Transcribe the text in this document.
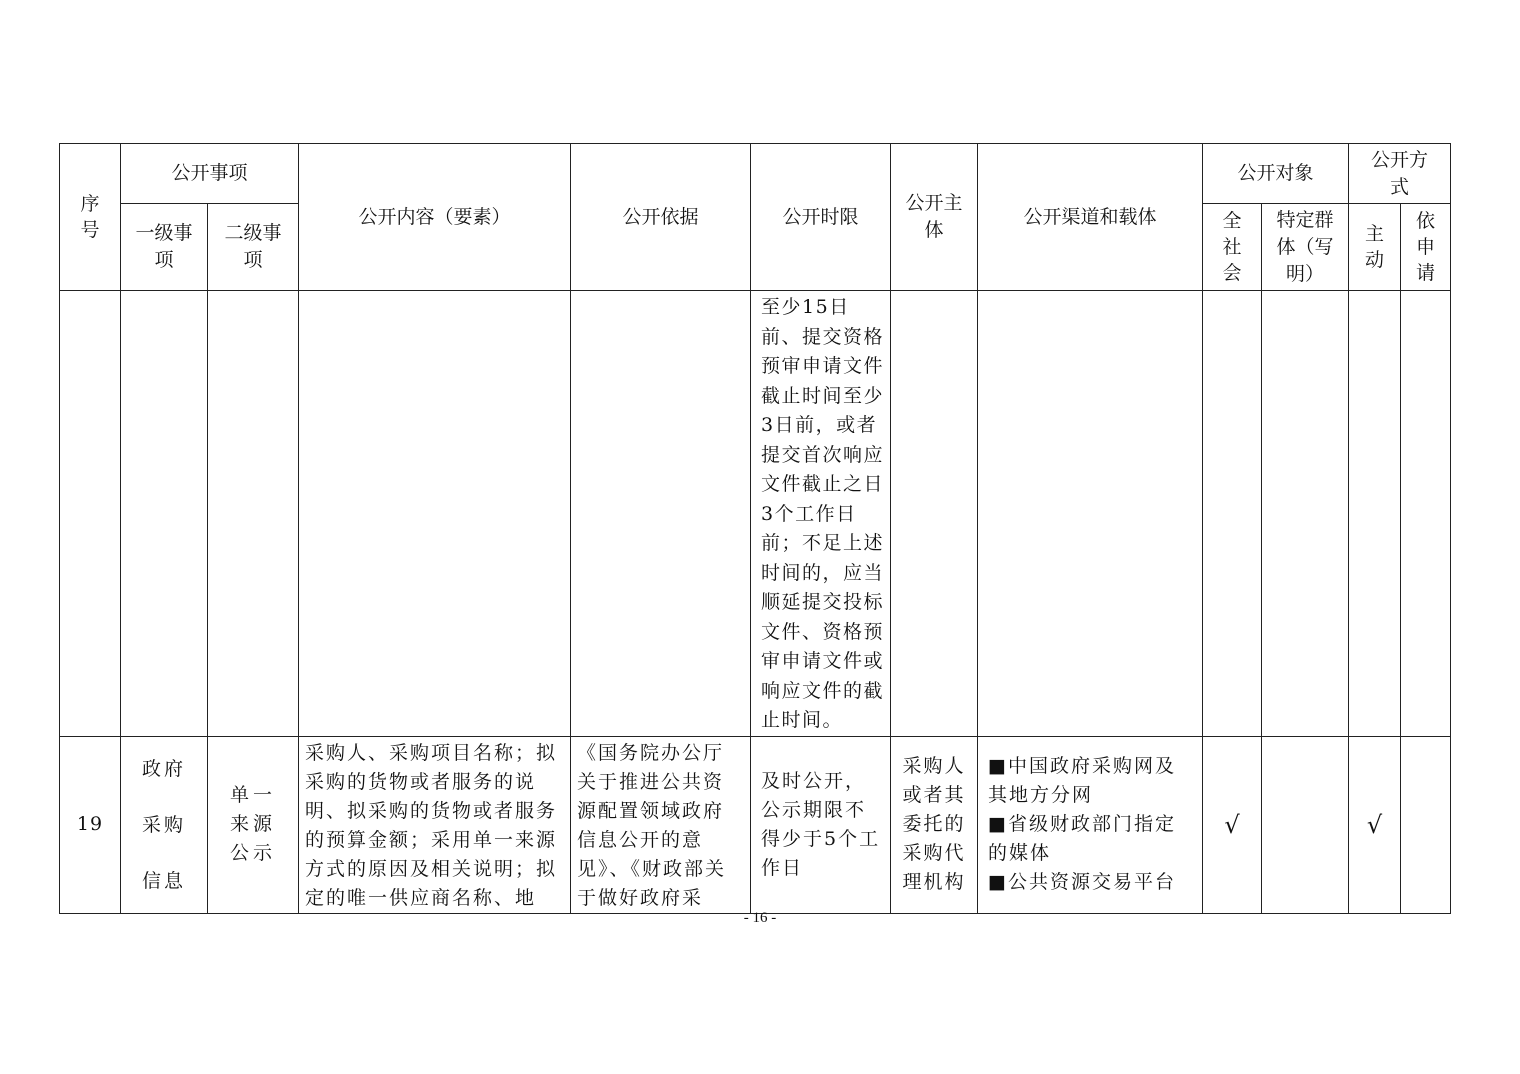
序号	公开事项		公开内容（要素）	公开依据	公开时限	公开主体	公开渠道和载体	公开对象		公开方式	
	一级事项	二级事项						全社会	特定群体（写明）	主动	依申请

					至少15日前、提交资格预审申请文件截止时间至少3日前，或者提交首次响应文件截止之日3个工作日前；不足上述时间的，应当顺延提交投标文件、资格预审申请文件或响应文件的截止时间。						

19	政府采购信息	单一来源公示	采购人、采购项目名称；拟采购的货物或者服务的说明、拟采购的货物或者服务的预算金额；采用单一来源方式的原因及相关说明；拟定的唯一供应商名称、地	《国务院办公厅关于推进公共资源配置领域政府信息公开的意见》、《财政部关于做好政府采	及时公开，公示期限不得少于5个工作日	采购人或者其委托的采购代理机构	■中国政府采购网及其地方分网
■省级财政部门指定的媒体
■公共资源交易平台	√		√	
- 16 -
